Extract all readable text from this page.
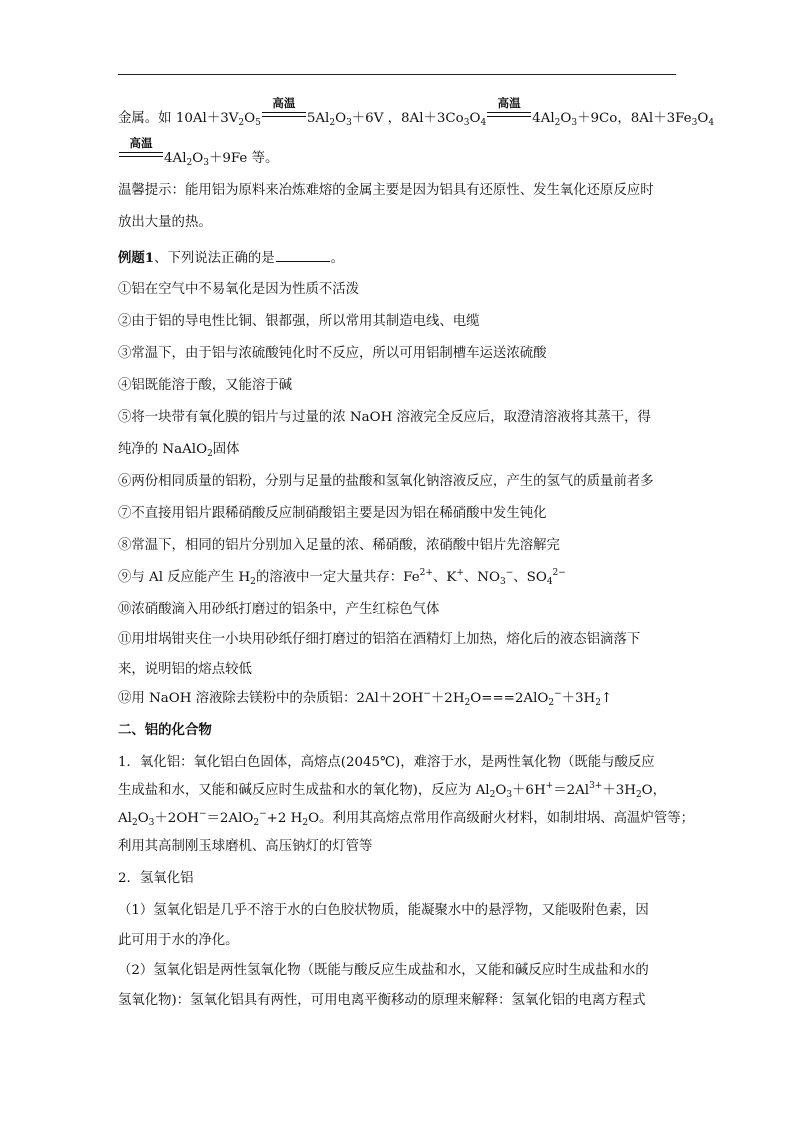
金属。如 $10Al+3V_2O_5$
高温
$5Al_2O_3+6V$ ，$8Al+3Co_3O_4$
高温
$4Al_2O_3+9Co$，$8Al+3Fe_3O_4$
高温
$4Al_2O_3+9Fe$ 等。
温馨提示：能用铝为原料来冶炼难熔的金属主要是因为铝具有还原性、发生氧化还原反应时
放出大量的热。
例题1、下列说法正确的是	。
①铝在空气中不易氧化是因为性质不活泼
②由于铝的导电性比铜、银都强，所以常用其制造电线、电缆
③常温下，由于铝与浓硫酸钝化时不反应，所以可用铝制槽车运送浓硫酸
④铝既能溶于酸，又能溶于碱
⑤将一块带有氧化膜的铝片与过量的浓 NaOH 溶液完全反应后，取澄清溶液将其蒸干，得
纯净的 NaAlO$_2$固体
⑥两份相同质量的铝粉，分别与足量的盐酸和氢氧化钠溶液反应，产生的氢气的质量前者多
⑦不直接用铝片跟稀硝酸反应制硝酸铝主要是因为铝在稀硝酸中发生钝化
⑧常温下，相同的铝片分别加入足量的浓、稀硝酸，浓硝酸中铝片先溶解完
⑨与 Al 反应能产生 $H_2$的溶液中一定大量共存：$Fe^{2+}$、K+、$NO_3^-$、$SO_4^{2-}$
⑩浓硝酸滴入用砂纸打磨过的铝条中，产生红棕色气体
⑪用坩埚钳夹住一小块用砂纸仔细打磨过的铝箔在酒精灯上加热，熔化后的液态铝滴落下
来，说明铝的熔点较低
⑫用 NaOH 溶液除去镁粉中的杂质铝：$2Al+2OH^-+2H_2O===2AlO_2^-+3H_2↑$
二、铝的化合物
1．氧化铝：氧化铝白色固体，高熔点(2045℃)，难溶于水，是两性氧化物（既能与酸反应
生成盐和水，又能和碱反应时生成盐和水的氧化物)，反应为 $Al_2O_3+6H^+=2Al^{3+}+3H_2O$，
$Al_2O_3+2OH^-=2AlO_2^-+2$ $H_2O$。利用其高熔点常用作高级耐火材料，如制坩埚、高温炉管等；
利用其高制刚玉球磨机、高压钠灯的灯管等
2．氢氧化铝
（1）氢氧化铝是几乎不溶于水的白色胶状物质，能凝聚水中的悬浮物，又能吸附色素，因
此可用于水的净化。
（2）氢氧化铝是两性氢氧化物（既能与酸反应生成盐和水，又能和碱反应时生成盐和水的
氢氧化物)：氢氧化铝具有两性，可用电离平衡移动的原理来解释：氢氧化铝的电离方程式
